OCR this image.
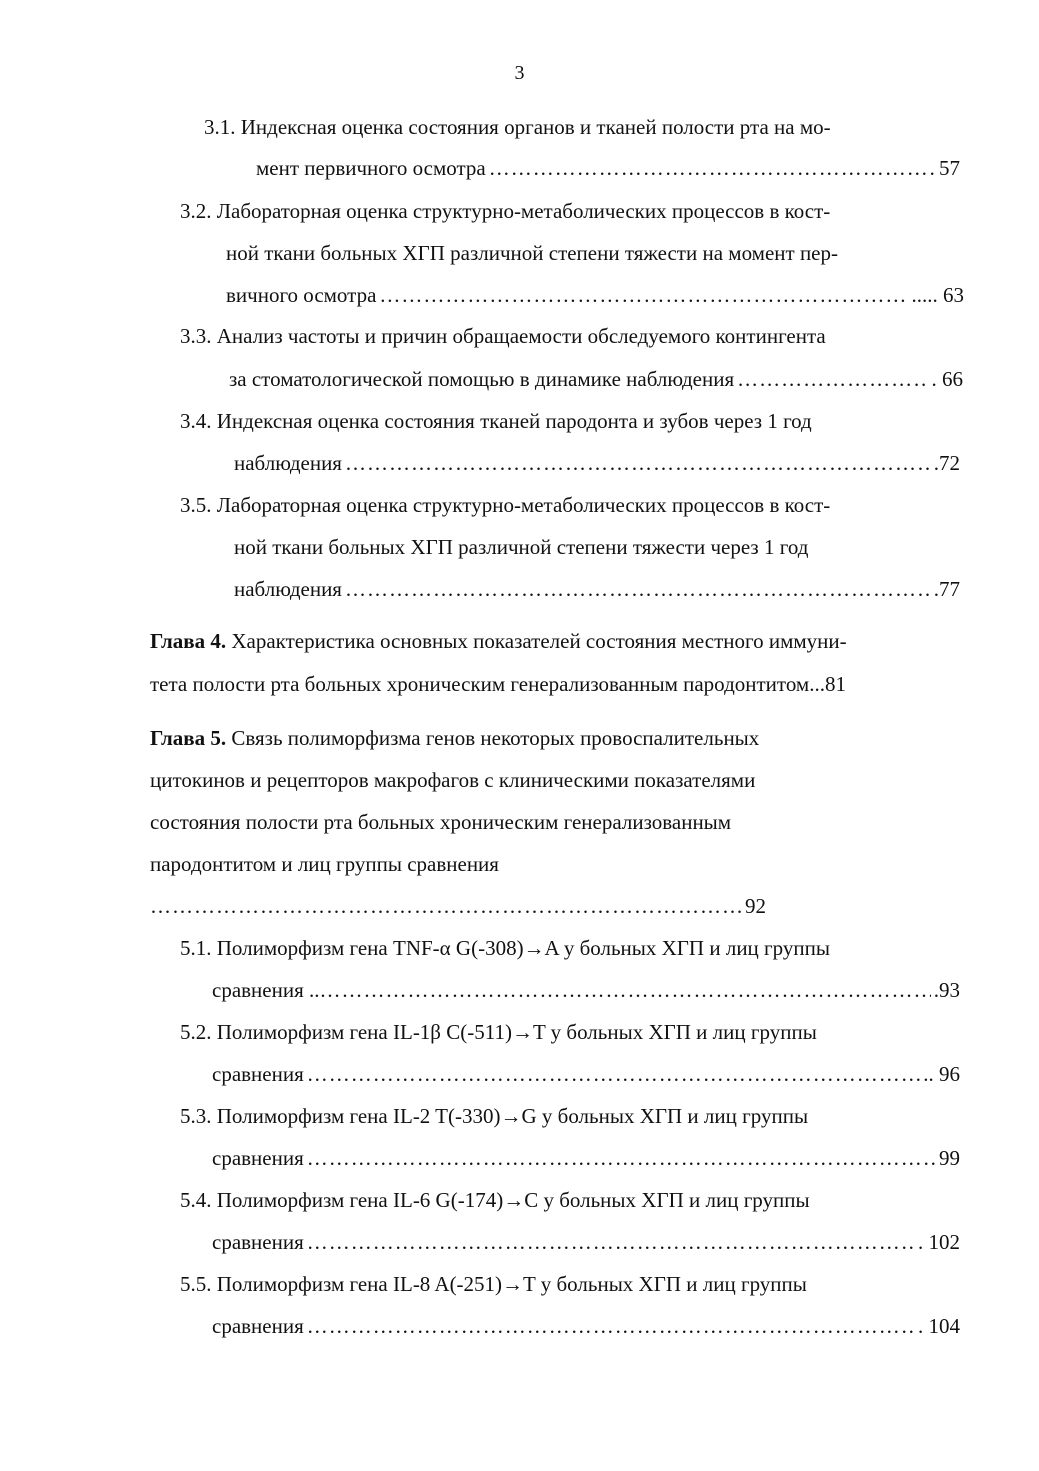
3
3.1. Индексная оценка состояния органов и тканей полости рта на мо-
мент первичного осмотра …………………………………………………………………………………………………………………………………………………………………………	57
3.2. Лабораторная оценка структурно-метаболических процессов в кост-
ной ткани больных ХГП различной степени тяжести на момент пер-
вичного осмотра …………………………………………………………………………………………………………………………………………………………………………	..... 63
3.3. Анализ частоты и причин обращаемости обследуемого контингента
за стоматологической помощью в динамике наблюдения …………………………………………………………………………………………………………………………………………………………………………	. 66
3.4. Индексная оценка состояния тканей пародонта и зубов через 1 год
наблюдения …………………………………………………………………………………………………………………………………………………………………………	.72
3.5. Лабораторная оценка структурно-метаболических процессов в кост-
ной ткани больных ХГП различной степени тяжести через 1 год
наблюдения …………………………………………………………………………………………………………………………………………………………………………	.77
Глава 4. Характеристика основных показателей состояния местного иммуни-
тета полости рта больных хроническим генерализованным пародонтитом...81
Глава 5. Связь полиморфизма генов некоторых провоспалительных
цитокинов и рецепторов макрофагов с клиническими показателями
состояния полости рта больных хроническим генерализованным
пародонтитом и лиц группы сравнения
…………………………………………………………………………………………………………………………………………………………………………
92
5.1. Полиморфизм гена TNF-α G(-308)→A у больных ХГП и лиц группы
сравнения .. …………………………………………………………………………………………………………………………………………………………………………	.93
5.2. Полиморфизм гена IL-1β C(-511)→T у больных ХГП и лиц группы
сравнения …………………………………………………………………………………………………………………………………………………………………………	.. 96
5.3. Полиморфизм гена IL-2 T(-330)→G у больных ХГП и лиц группы
сравнения …………………………………………………………………………………………………………………………………………………………………………	99
5.4. Полиморфизм гена IL-6 G(-174)→C у больных ХГП и лиц группы
сравнения …………………………………………………………………………………………………………………………………………………………………………	. 102
5.5. Полиморфизм гена IL-8 A(-251)→T у больных ХГП и лиц группы
сравнения …………………………………………………………………………………………………………………………………………………………………………	. 104
